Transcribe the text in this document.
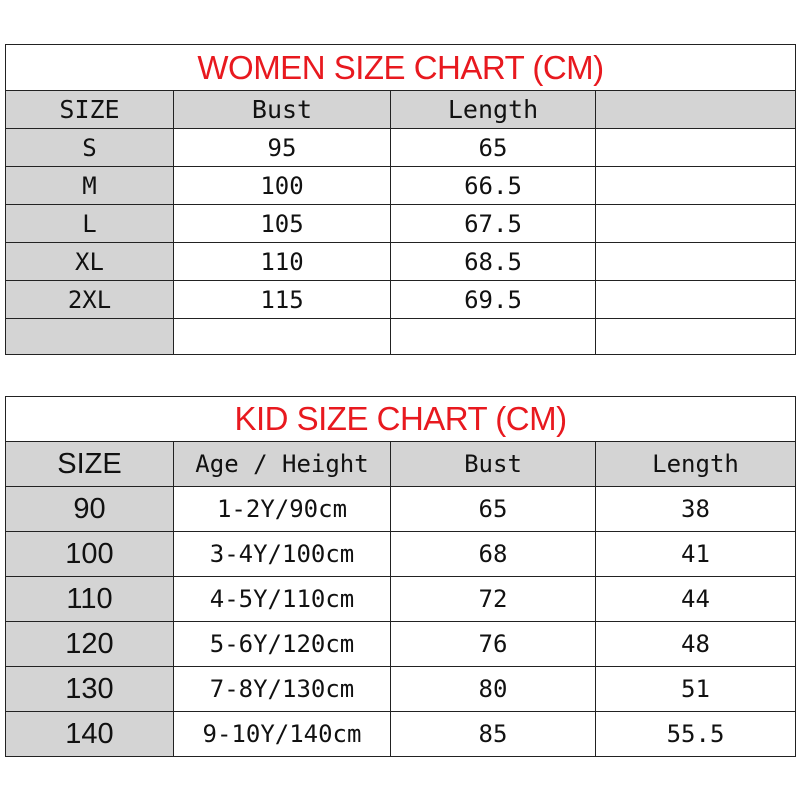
WOMEN SIZE CHART (CM)			
SIZE	Bust	Length	
S	95	65	
M	100	66.5	
L	105	67.5	
XL	110	68.5	
2XL	115	69.5	

KID SIZE CHART (CM)			
SIZE	Age / Height	Bust	Length
90	1-2Y/90cm	65	38
100	3-4Y/100cm	68	41
110	4-5Y/110cm	72	44
120	5-6Y/120cm	76	48
130	7-8Y/130cm	80	51
140	9-10Y/140cm	85	55.5
